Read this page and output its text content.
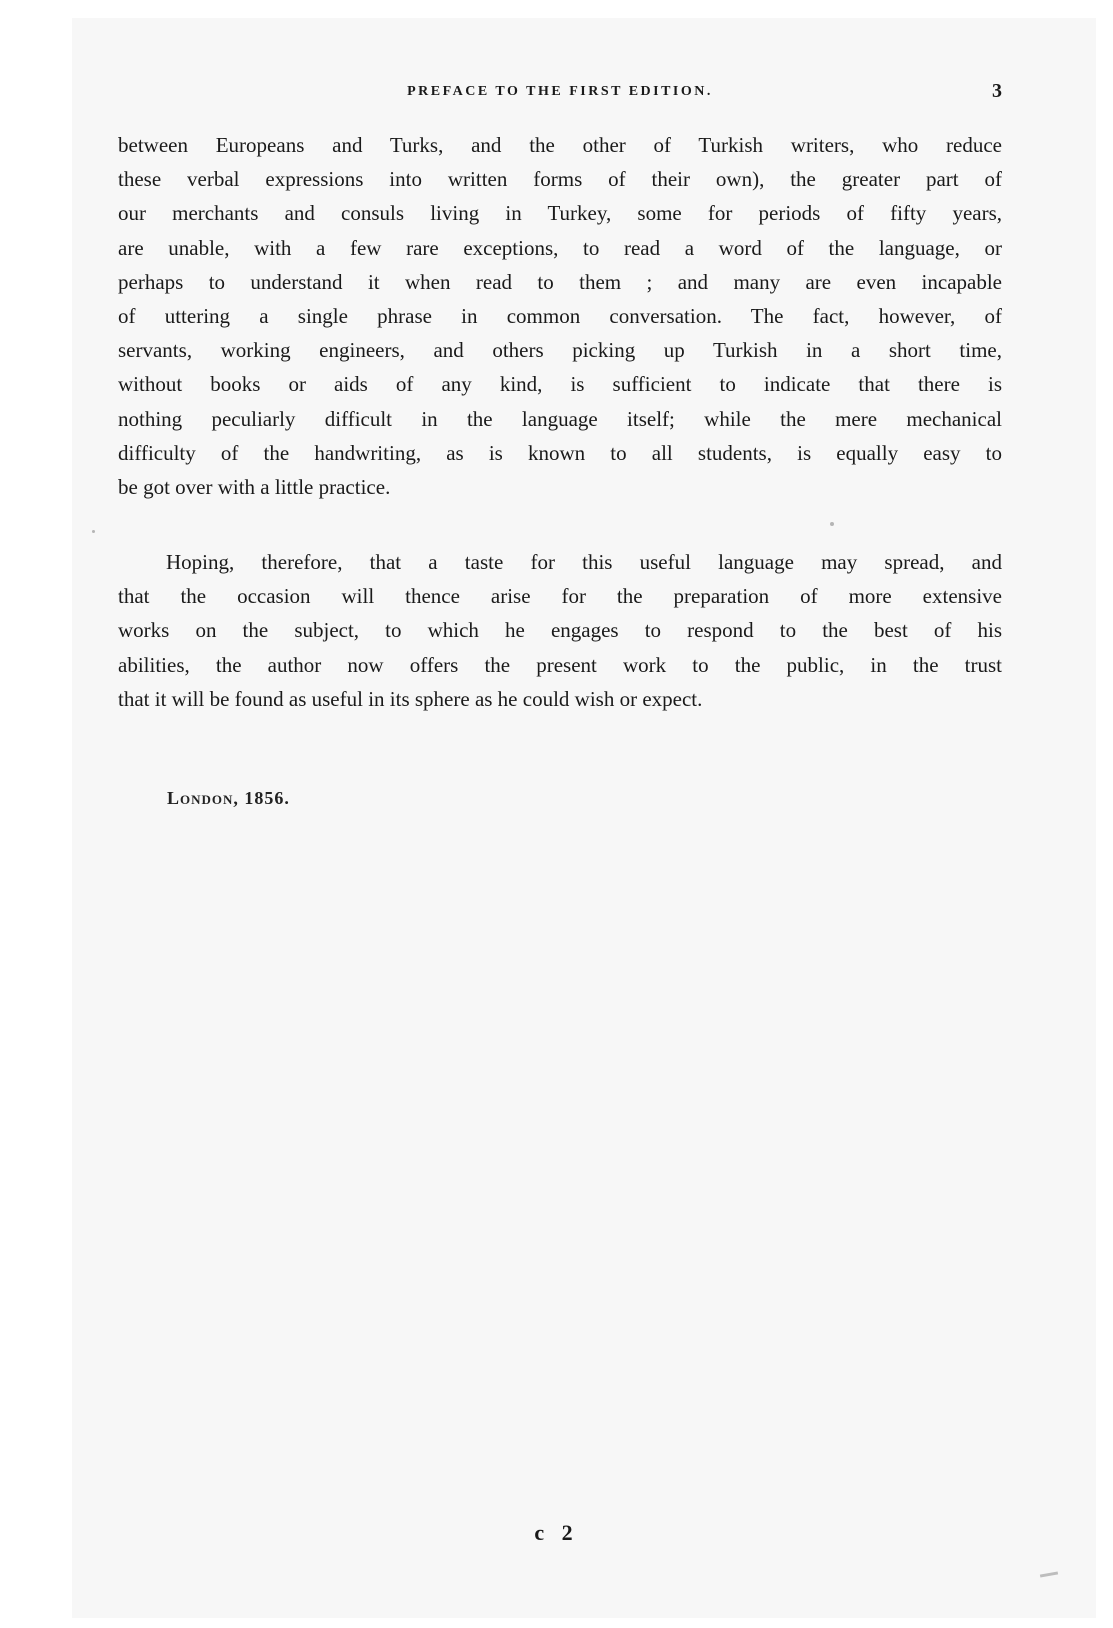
PREFACE TO THE FIRST EDITION.	3
between Europeans and Turks, and the other of Turkish writers, who reduce
these verbal expressions into written forms of their own), the greater part of
our merchants and consuls living in Turkey, some for periods of fifty years,
are unable, with a few rare exceptions, to read a word of the language, or
perhaps to understand it when read to them ; and many are even incapable
of uttering a single phrase in common conversation. The fact, however, of
servants, working engineers, and others picking up Turkish in a short time,
without books or aids of any kind, is sufficient to indicate that there is
nothing peculiarly difficult in the language itself; while the mere mechanical
difficulty of the handwriting, as is known to all students, is equally easy to
be got over with a little practice.
Hoping, therefore, that a taste for this useful language may spread, and
that the occasion will thence arise for the preparation of more extensive
works on the subject, to which he engages to respond to the best of his
abilities, the author now offers the present work to the public, in the trust
that it will be found as useful in its sphere as he could wish or expect.
London, 1856.
c 2
